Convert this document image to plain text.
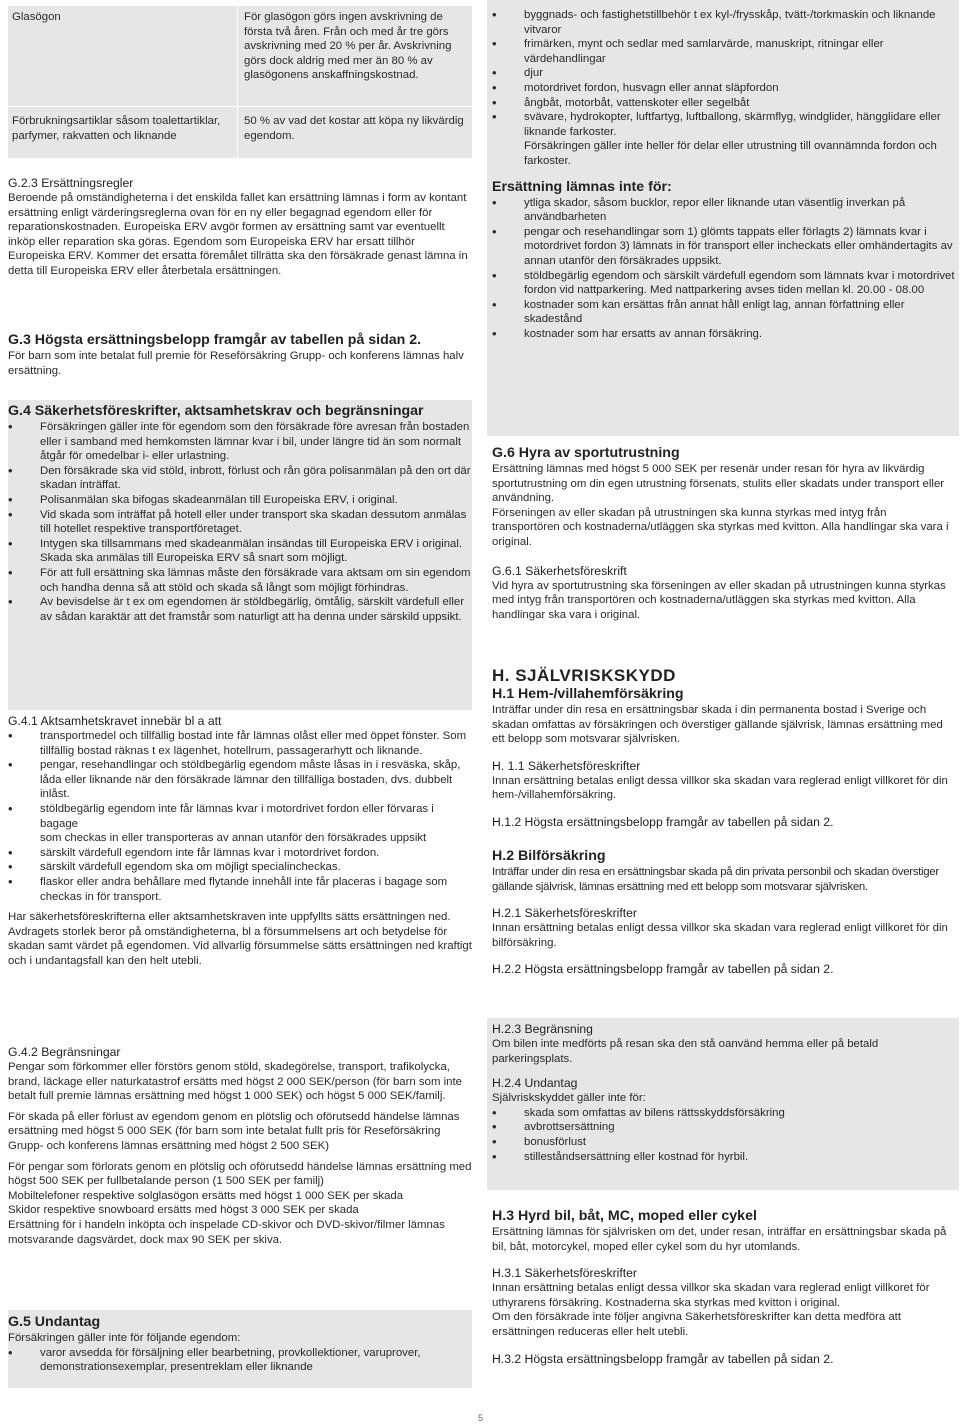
Glasögon	För glasögon görs ingen avskrivning de första två åren. Från och med år tre görs avskrivning med 20 % per år. Avskrivning görs dock aldrig med mer än 80 % av glasögonens anskaffningskostnad.
Förbrukningsartiklar såsom toalettartiklar, parfymer, rakvatten och liknande
50 % av vad det kostar att köpa ny likvärdig egendom.

G.2.3 Ersättningsregler

Beroende på omständigheterna i det enskilda fallet kan ersättning lämnas i form av kontant ersättning enligt värderingsreglerna ovan för en ny eller begagnad egendom eller för reparationskostnaden. Europeiska ERV avgör formen av ersättning samt var eventuellt inköp eller reparation ska göras. Egendom som Europeiska ERV har ersatt tillhör Europeiska ERV. Kommer det ersatta föremålet tillrätta ska den försäkrade genast lämna in detta till Europeiska ERV eller återbetala ersättningen.

G.3 Högsta ersättningsbelopp framgår av tabellen på sidan 2.

För barn som inte betalat full premie för Reseförsäkring Grupp- och konferens lämnas halv ersättning.

G.4 Säkerhetsföreskrifter, aktsamhetskrav och begränsningar

• Försäkringen gäller inte för egendom som den försäkrade före avresan från bostaden eller i samband med hemkomsten lämnar kvar i bil, under längre tid än som normalt åtgår för omedelbar i- eller urlastning.
• Den försäkrade ska vid stöld, inbrott, förlust och rån göra polisanmälan på den ort där skadan inträffat.
• Polisanmälan ska bifogas skadeanmälan till Europeiska ERV, i original.
• Vid skada som inträffat på hotell eller under transport ska skadan dessutom anmälas till hotellet respektive transportföretaget.
• Intygen ska tillsammans med skadeanmälan insändas till Europeiska ERV i original. Skada ska anmälas till Europeiska ERV så snart som möjligt.
• För att full ersättning ska lämnas måste den försäkrade vara aktsam om sin egendom och handha denna så att stöld och skada så långt som möjligt förhindras.
• Av bevisdelse är t ex om egendomen är stöldbegärlig, ömtålig, särskilt värdefull eller av sådan karaktär att det framstår som naturligt att ha denna under särskild uppsikt.

G.4.1 Aktsamhetskravet innebär bl a att

• transportmedel och tillfällig bostad inte får lämnas olåst eller med öppet fönster. Som tillfällig bostad räknas t ex lägenhet, hotellrum, passagerarhytt och liknande.
• pengar, resehandlingar och stöldbegärlig egendom måste låsas in i resväska, skåp, låda eller liknande när den försäkrade lämnar den tillfälliga bostaden, dvs. dubbelt inlåst.
• stöldbegärlig egendom inte får lämnas kvar i motordrivet fordon eller förvaras i bagage

som checkas in eller transporteras av annan utanför den försäkrades uppsikt

• särskilt värdefull egendom inte får lämnas kvar i motordrivet fordon.
• särskilt värdefull egendom ska om möjligt specialincheckas.
• flaskor eller andra behållare med flytande innehåll inte får placeras i bagage som checkas in för transport.

Har säkerhetsföreskrifterna eller aktsamhetskraven inte uppfyllts sätts ersättningen ned. Avdragets storlek beror på omständigheterna, bl a försummelsens art och betydelse för skadan samt värdet på egendomen. Vid allvarlig försummelse sätts ersättningen ned kraftigt och i undantagsfall kan den helt utebli.

G.4.2 Begränsningar

Pengar som förkommer eller förstörs genom stöld, skadegörelse, transport, trafikolycka, brand, läckage eller naturkatastrof ersätts med högst 2 000 SEK/person (för barn som inte betalt full premie lämnas ersättning med högst 1 000 SEK) och högst 5 000 SEK/familj.

För skada på eller förlust av egendom genom en plötslig och oförutsedd händelse lämnas ersättning med högst 5 000 SEK (för barn som inte betalat fullt pris för Reseförsäkring Grupp- och konferens lämnas ersättning med högst 2 500 SEK)

För pengar som förlorats genom en plötslig och oförutsedd händelse lämnas ersättning med högst 500 SEK per fullbetalande person (1 500 SEK per familj)

Mobiltelefoner respektive solglasögon ersätts med högst 1 000 SEK per skada

Skidor respektive snowboard ersätts med högst 3 000 SEK per skada

Ersättning för i handeln inköpta och inspelade CD-skivor och DVD-skivor/filmer lämnas motsvarande dagsvärdet, dock max 90 SEK per skiva.

G.5 Undantag

Försäkringen gäller inte för följande egendom:

• varor avsedda för försäljning eller bearbetning, provkollektioner, varuprover, demonstrationsexemplar, presentreklam eller liknande
• byggnads- och fastighetstillbehör t ex kyl-/frysskåp, tvätt-/torkmaskin och liknande vitvaror
• frimärken, mynt och sedlar med samlarvärde, manuskript, ritningar eller värdehandlingar
• djur
• motordrivet fordon, husvagn eller annat släpfordon
• ångbåt, motorbåt, vattenskoter eller segelbåt
• svävare, hydrokopter, luftfartyg, luftballong, skärmflyg, windglider, hängglidare eller liknande farkoster.

Försäkringen gäller inte heller för delar eller utrustning till ovannämnda fordon och farkoster.

Ersättning lämnas inte för:

• ytliga skador, såsom bucklor, repor eller liknande utan väsentlig inverkan på användbarheten
• pengar och resehandlingar som 1) glömts tappats eller förlagts 2) lämnats kvar i motordrivet fordon 3) lämnats in för transport eller incheckats eller omhändertagits av annan utanför den försäkrades uppsikt.
• stöldbegärlig egendom och särskilt värdefull egendom som lämnats kvar i motordrivet fordon vid nattparkering. Med nattparkering avses tiden mellan kl. 20.00 - 08.00
• kostnader som kan ersättas från annat håll enligt lag, annan författning eller skadestånd
• kostnader som har ersatts av annan försäkring.

G.6 Hyra av sportutrustning

Ersättning lämnas med högst 5 000 SEK per resenär under resan för hyra av likvärdig sportutrustning om din egen utrustning försenats, stulits eller skadats under transport eller användning.

Förseningen av eller skadan på utrustningen ska kunna styrkas med intyg från transportören och kostnaderna/utläggen ska styrkas med kvitton. Alla handlingar ska vara i original.

G.6.1 Säkerhetsföreskrift

Vid hyra av sportutrustning ska förseningen av eller skadan på utrustningen kunna styrkas med intyg från transportören och kostnaderna/utläggen ska styrkas med kvitton. Alla handlingar ska vara i original.

H. SJÄLVRISKSKYDD

H.1 Hem-/villahemförsäkring

Inträffar under din resa en ersättningsbar skada i din permanenta bostad i Sverige och skadan omfattas av försäkringen och överstiger gällande självrisk, lämnas ersättning med ett belopp som motsvarar självrisken.

H. 1.1 Säkerhetsföreskrifter

Innan ersättning betalas enligt dessa villkor ska skadan vara reglerad enligt villkoret för din hem-/villahemförsäkring.

H.1.2 Högsta ersättningsbelopp framgår av tabellen på sidan 2.

H.2 Bilförsäkring

Inträffar under din resa en ersättningsbar skada på din privata personbil och skadan överstiger gällande självrisk, lämnas ersättning med ett belopp som motsvarar självrisken.

H.2.1 Säkerhetsföreskrifter

Innan ersättning betalas enligt dessa villkor ska skadan vara reglerad enligt villkoret för din bilförsäkring.

H.2.2 Högsta ersättningsbelopp framgår av tabellen på sidan 2.

H.2.3 Begränsning

Om bilen inte medförts på resan ska den stå oanvänd hemma eller på betald parkeringsplats.

H.2.4 Undantag

Självriskskyddet gäller inte för:

• skada som omfattas av bilens rättsskyddsförsäkring
• avbrottsersättning
• bonusförlust
• stilleståndsersättning eller kostnad för hyrbil.

H.3 Hyrd bil, båt, MC, moped eller cykel

Ersättning lämnas för självrisken om det, under resan, inträffar en ersättningsbar skada på bil, båt, motorcykel, moped eller cykel som du hyr utomlands.

H.3.1 Säkerhetsföreskrifter

Innan ersättning betalas enligt dessa villkor ska skadan vara reglerad enligt villkoret för uthyrarens försäkring. Kostnaderna ska styrkas med kvitton i original.

Om den försäkrade inte följer angivna Säkerhetsföreskrifter kan detta medföra att ersättningen reduceras eller helt utebli.

H.3.2 Högsta ersättningsbelopp framgår av tabellen på sidan 2.

5
